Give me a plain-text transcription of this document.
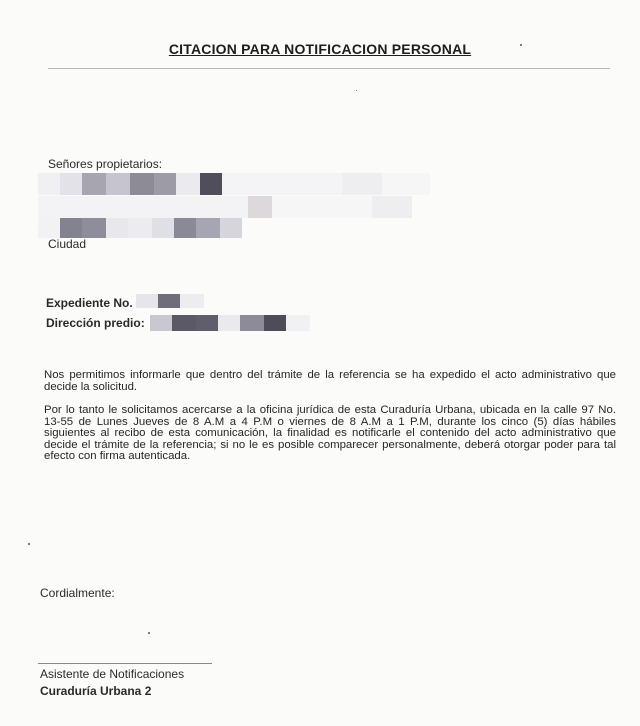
CITACION PARA NOTIFICACION PERSONAL
Señores propietarios:
Ciudad
Expediente No.
Dirección predio:
Nos permitimos informarle que dentro del trámite de la referencia se ha expedido el acto administrativo que decide la solicitud.
Por lo tanto le solicitamos acercarse a la oficina jurídica de esta Curaduría Urbana, ubicada en la calle 97 No. 13-55 de Lunes Jueves de 8 A.M a 4 P.M o viernes de 8 A.M a 1 P.M, durante los cinco (5) días hábiles siguientes al recibo de esta comunicación, la finalidad es notificarle el contenido del acto administrativo que decide el trámite de la referencia; si no le es posible comparecer personalmente, deberá otorgar poder para tal efecto con firma autenticada.
Cordialmente:
Asistente de Notificaciones
Curaduría Urbana 2
